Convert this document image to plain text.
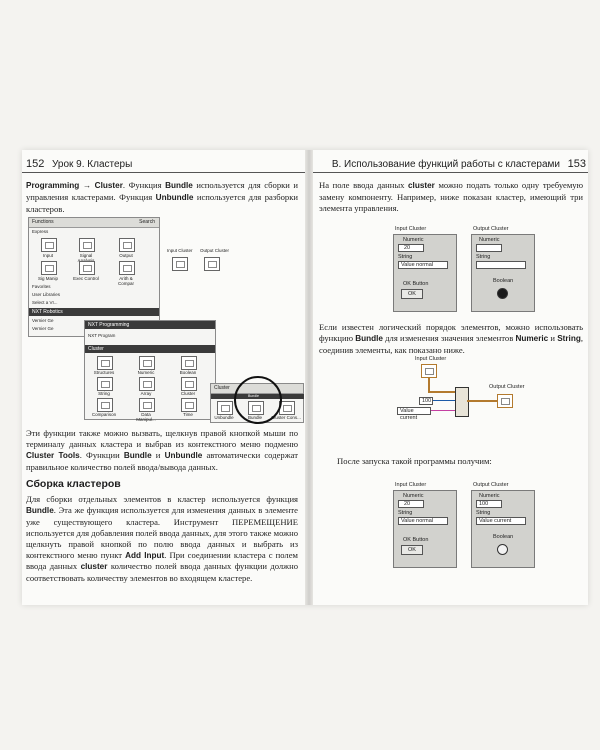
152 Урок 9. Кластеры
Programming → Cluster. Функция Bundle используется для сборки и управления кластерами. Функция Unbundle используется для разборки кластеров.
Functions	Search
Express
Input	Signal	Output
Sig Manip	Exec Control	Arith & Compar
Favorites
User Libraries
Select a VI...
NXT Robotics
Vernier Ge
Vernier Ge
Input Cluster Output Cluster
NXT Programming
NXT Program
Cluster
Structures	Numeric	Boolean
String	Array	Cluster
Comparison	Data Manipul...
Time
Cluster
Bundle
Unbundle	Bundle	Cluster Cons...
Эти функции также можно вызвать, щелкнув правой кнопкой мыши по терминалу данных кластера и выбрав из контекстного меню подменю Cluster Tools. Функции Bundle и Unbundle автоматически содержат правильное количество полей ввода/вывода данных.
Сборка кластеров
Для сборки отдельных элементов в кластер используется функция Bundle. Эта же функция используется для изменения данных в элементе уже существующего кластера. Инструмент ПЕРЕМЕЩЕНИЕ используется для добавления полей ввода данных, для этого также можно щелкнуть правой кнопкой по полю ввода данных и выбрать из контекстного меню пункт Add Input. При соединении кластера с полем ввода данных cluster количество полей ввода данных функции должно соответствовать количеству элементов во входящем кластере.
В. Использование функций работы с кластерами 153
На поле ввода данных cluster можно подать только одну требуемую замену компоненту. Например, ниже показан кластер, имеющий три элемента управления.
Input Cluster
Numeric
20
String
Value normal
OK Button
OK
Output Cluster
Numeric
String
Boolean
Если известен логический порядок элементов, можно использовать функцию Bundle для изменения значения элементов Numeric и String, соединив элементы, как показано ниже.
Input Cluster
100
Value current
Output Cluster
После запуска такой программы получим:
Input Cluster
Numeric
20
String
Value normal
OK Button
OK
Output Cluster
Numeric
100
String
Value current
Boolean
